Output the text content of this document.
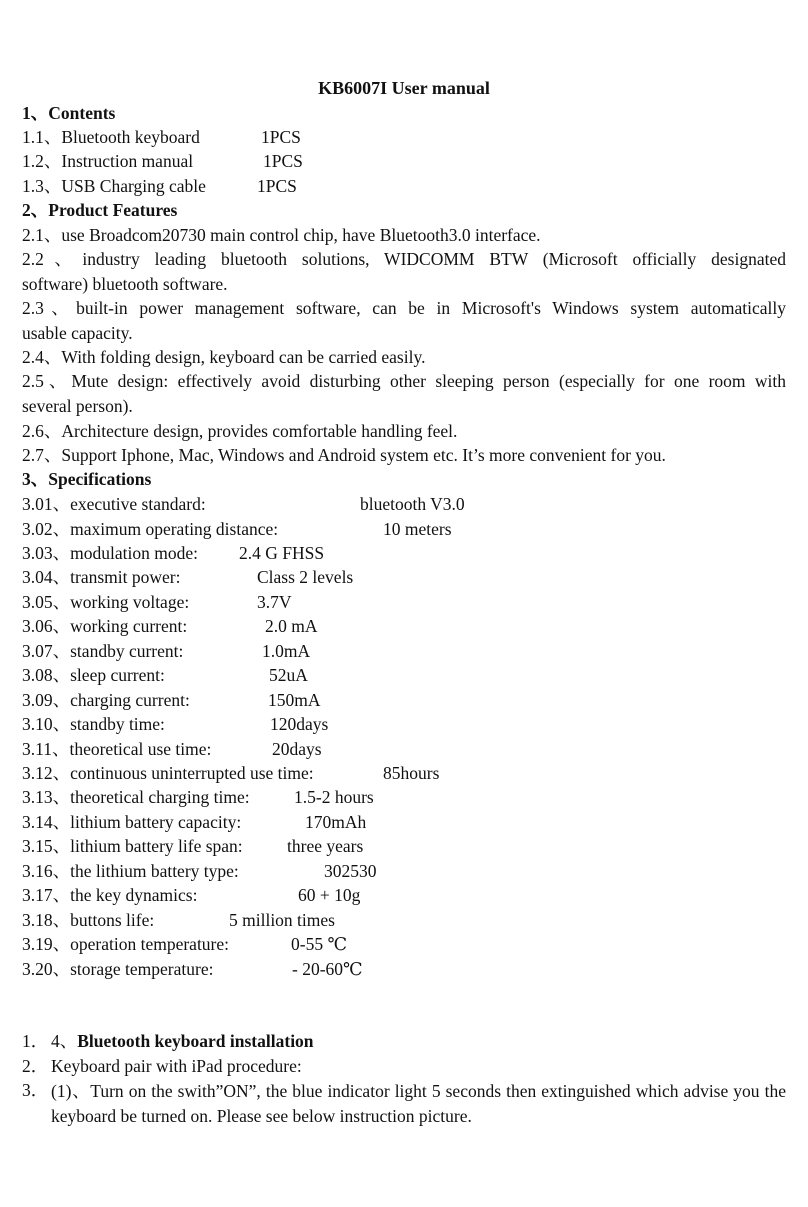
KB6007I User manual
1、Contents
1.1、Bluetooth keyboard	1PCS
1.2、Instruction manual	1PCS
1.3、USB Charging cable	1PCS
2、Product Features
2.1、use Broadcom20730 main control chip, have Bluetooth3.0 interface.
2.2、industry leading bluetooth solutions, WIDCOMM BTW (Microsoft officially designated
software) bluetooth software.
2.3、built-in power management software, can be in Microsoft's Windows system automatically
usable capacity.
2.4、With folding design, keyboard can be carried easily.
2.5、Mute design: effectively avoid disturbing other sleeping person (especially for one room with
several person).
2.6、Architecture design, provides comfortable handling feel.
2.7、Support Iphone, Mac, Windows and Android system etc. It’s more convenient for you.
3、Specifications
3.01、executive standard:	bluetooth V3.0
3.02、maximum operating distance:	10 meters
3.03、modulation mode: 2.4 G FHSS
3.04、transmit power:	Class 2 levels
3.05、working voltage:	3.7V
3.06、working current:	2.0 mA
3.07、standby current:	1.0mA
3.08、sleep current:	52uA
3.09、charging current:	150mA
3.10、standby time:	120days
3.11、theoretical use time:	20days
3.12、continuous uninterrupted use time:	85hours
3.13、theoretical charging time:	1.5-2 hours
3.14、lithium battery capacity:	170mAh
3.15、lithium battery life span:	three years
3.16、the lithium battery type:	302530
3.17、the key dynamics:	60 + 10g
3.18、buttons life:	5 million times
3.19、operation temperature:	0-55 ℃
3.20、storage temperature:	- 20-60℃
1． 4、Bluetooth keyboard installation
2． Keyboard pair with iPad procedure:
3． (1)、Turn on the swith”ON”, the blue indicator light 5 seconds then extinguished which advise you the keyboard be turned on. Please see below instruction picture.
